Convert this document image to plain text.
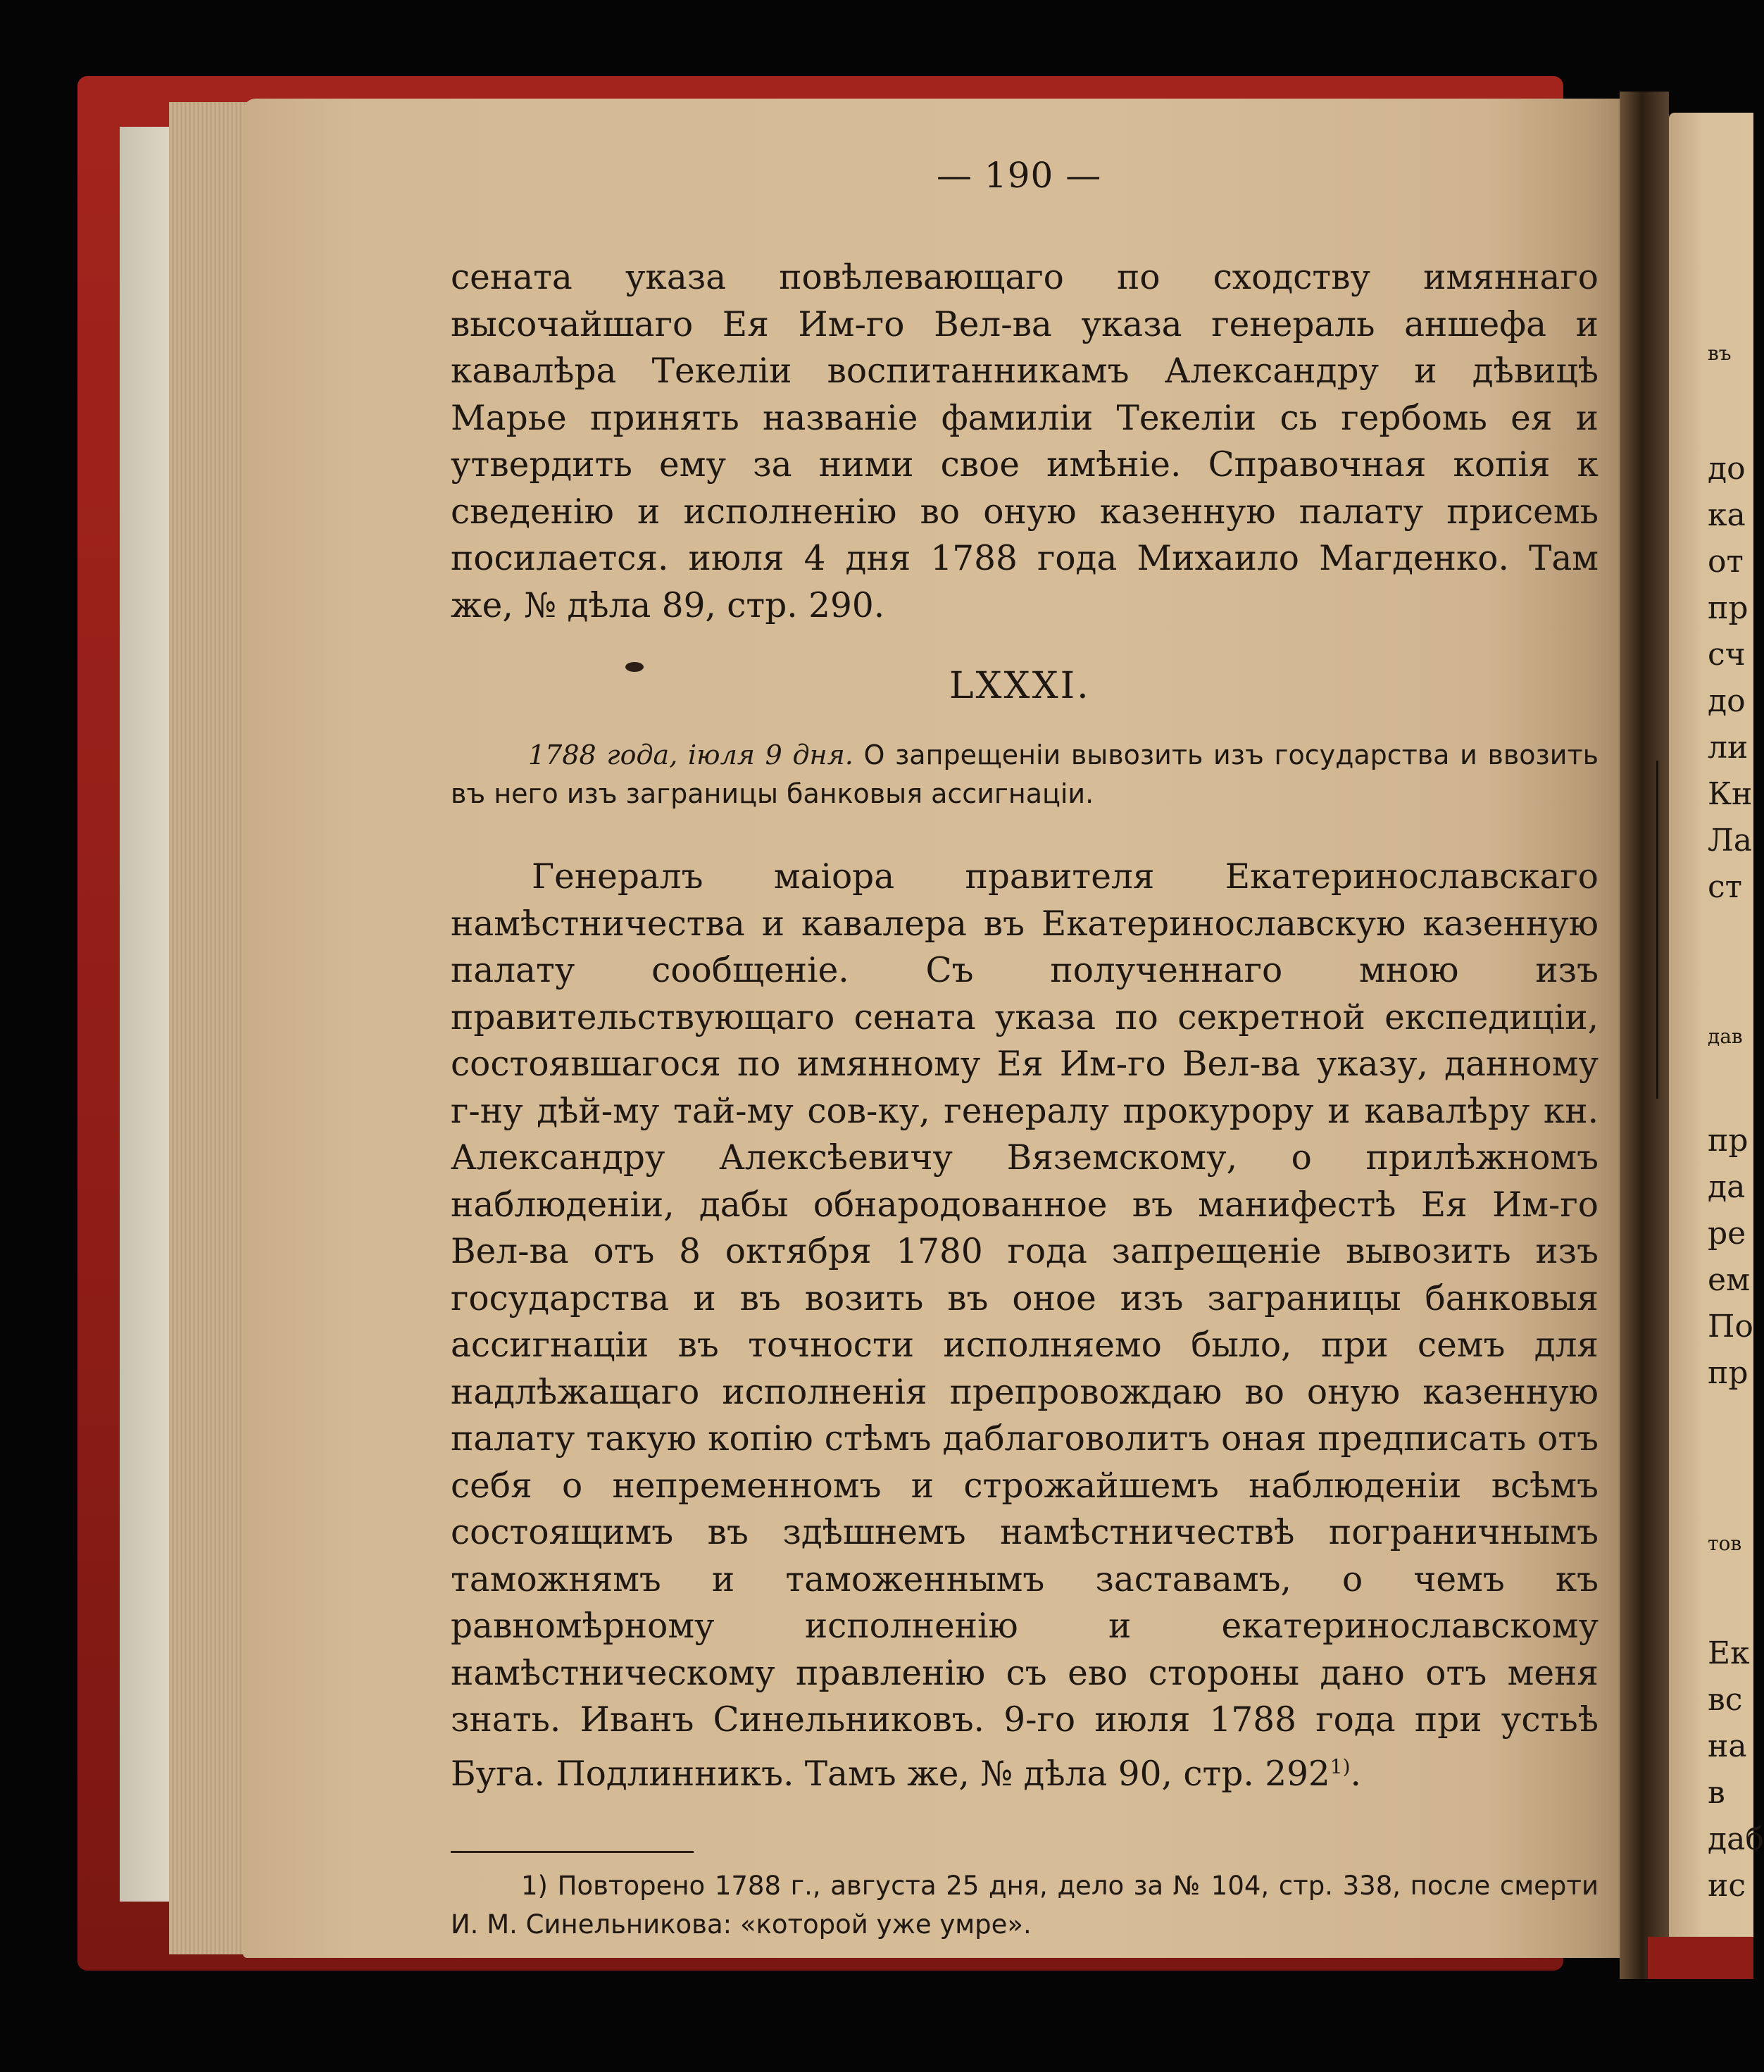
— 190 —
сената указа повѣлевающаго по сходству имяннаго высочайшаго Ея Им-го Вел-ва указа генераль аншефа и кавалѣра Текеліи воспитанникамъ Александру и дѣвицѣ Марье принять названіе фамиліи Текеліи сь гербомь ея и утвердить ему за ними свое имѣніе. Справочная копія к сведенію и исполненію во оную казенную палату присемь посилается. июля 4 дня 1788 года Михаило Магденко. Там же, № дѣла 89, стр. 290.
LXXXI.
1788 года, іюля 9 дня. О запрещеніи вывозить изъ государства и ввозить въ него изъ заграницы банковыя ассигнаціи.
Генералъ маіора правителя Екатеринославскаго намѣстничества и кавалера въ Екатеринославскую казенную палату сообщеніе. Съ полученнаго мною изъ правительствующаго сената указа по секретной експедиціи, состоявшагося по имянному Ея Им-го Вел-ва указу, данному г-ну дѣй-му тай-му сов-ку, генералу прокурору и кавалѣру кн. Александру Алексѣевичу Вяземскому, о прилѣжномъ наблюденіи, дабы обнародованное въ манифестѣ Ея Им-го Вел-ва отъ 8 октября 1780 года запрещеніе вывозить изъ государства и въ возить въ оное изъ заграницы банковыя ассигнаціи въ точности исполняемо было, при семъ для надлѣжащаго исполненія препровождаю во оную казенную палату такую копію стѣмъ даблаговолитъ оная предписать отъ себя о непременномъ и строжайшемъ наблюденіи всѣмъ состоящимъ въ здѣшнемъ намѣстничествѣ пограничнымъ таможнямъ и таможеннымъ заставамъ, о чемъ къ равномѣрному исполненію и екатеринославскому намѣстническому правленію съ ево стороны дано отъ меня знать. Иванъ Синельниковъ. 9-го июля 1788 года при устьѣ Буга. Подлинникъ. Тамъ же, № дѣла 90, стр. 292$^{1)}$.
1) Повторено 1788 г., августа 25 дня, дело за № 104, стр. 338, после смерти И. М. Синельникова: «которой уже умре».
въ
до
ка
от
пр
сч
до
ли
Кн
Ла
ст
дав
пр
да
ре
ем
По
пр
тов
Ек
вс
на
в
даб
ис
